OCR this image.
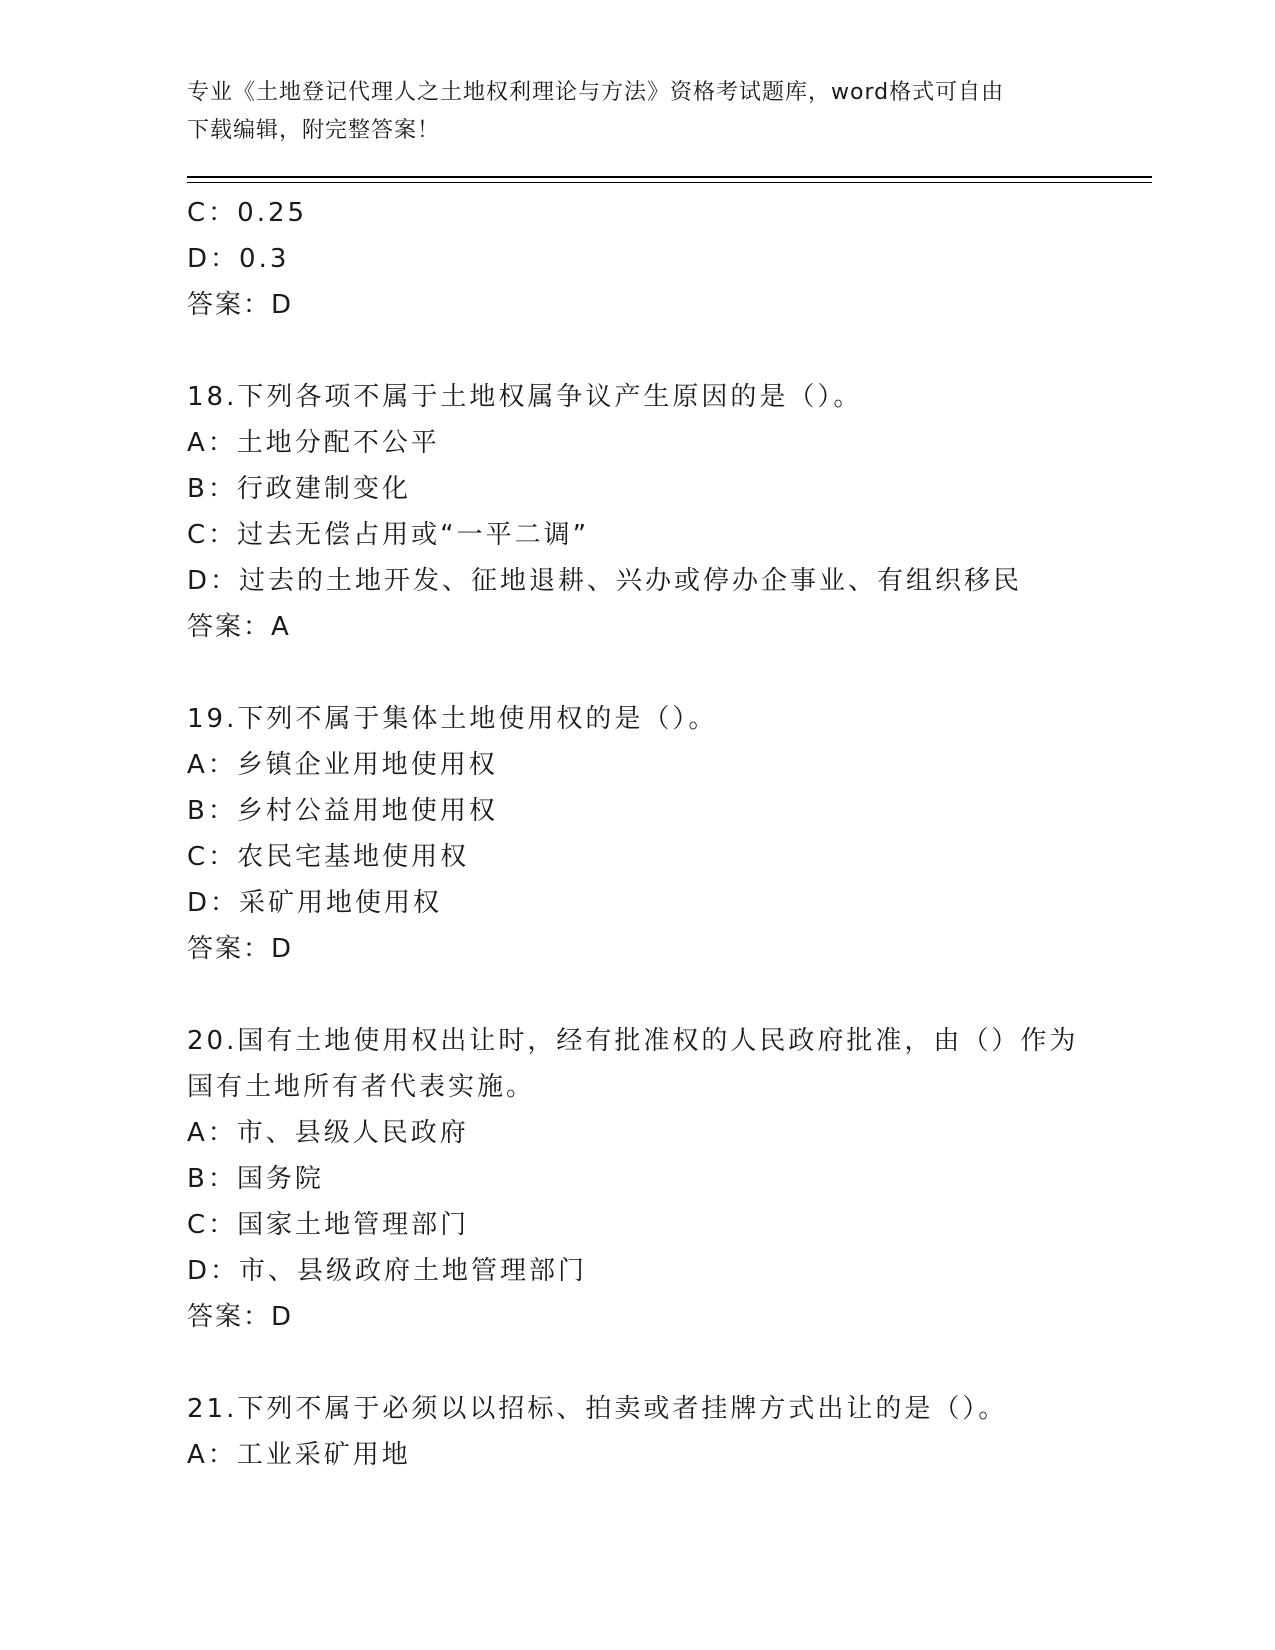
专业《土地登记代理人之土地权利理论与方法》资格考试题库，word格式可自由
下载编辑，附完整答案！
C：0.25
D：0.3
答案：D
18.下列各项不属于土地权属争议产生原因的是（）。
A：土地分配不公平
B：行政建制变化
C：过去无偿占用或“一平二调”
D：过去的土地开发、征地退耕、兴办或停办企事业、有组织移民
答案：A
19.下列不属于集体土地使用权的是（）。
A：乡镇企业用地使用权
B：乡村公益用地使用权
C：农民宅基地使用权
D：采矿用地使用权
答案：D
20.国有土地使用权出让时，经有批准权的人民政府批准，由（）作为
国有土地所有者代表实施。
A：市、县级人民政府
B：国务院
C：国家土地管理部门
D：市、县级政府土地管理部门
答案：D
21.下列不属于必须以以招标、拍卖或者挂牌方式出让的是（）。
A：工业采矿用地
